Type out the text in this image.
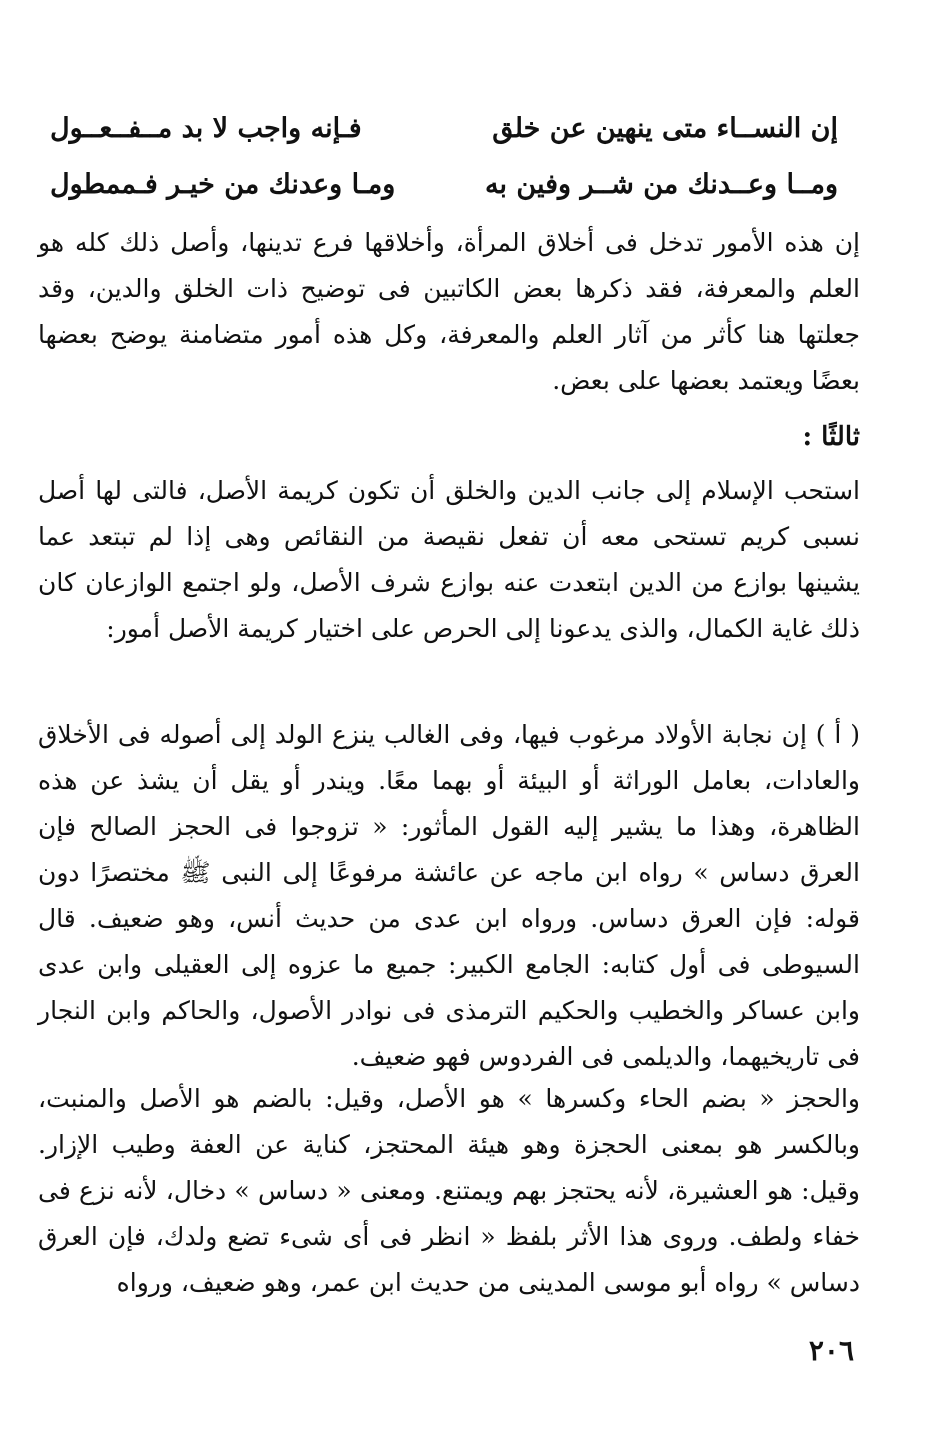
إن النســاء متى ينهين عن خلق
فـإنه واجب لا بد مــفــعــول
ومــا وعــدنك من شــر وفين به
ومـا وعدنك من خيـر فـممطول

إن هذه الأمور تدخل فى أخلاق المرأة، وأخلاقها فرع تدينها، وأصل ذلك كله هو العلم والمعرفة، فقد ذكرها بعض الكاتبين فى توضيح ذات الخلق والدين، وقد جعلتها هنا كأثر من آثار العلم والمعرفة، وكل هذه أمور متضامنة يوضح بعضها بعضًا ويعتمد بعضها على بعض.

ثالثًا :

استحب الإسلام إلى جانب الدين والخلق أن تكون كريمة الأصل، فالتى لها أصل نسبى كريم تستحى معه أن تفعل نقيصة من النقائص وهى إذا لم تبتعد عما يشينها بوازع من الدين ابتعدت عنه بوازع شرف الأصل، ولو اجتمع الوازعان كان ذلك غاية الكمال، والذى يدعونا إلى الحرص على اختيار كريمة الأصل أمور:

( أ ) إن نجابة الأولاد مرغوب فيها، وفى الغالب ينزع الولد إلى أصوله فى الأخلاق والعادات، بعامل الوراثة أو البيئة أو بهما معًا. ويندر أو يقل أن يشذ عن هذه الظاهرة، وهذا ما يشير إليه القول المأثور: « تزوجوا فى الحجز الصالح فإن العرق دساس » رواه ابن ماجه عن عائشة مرفوعًا إلى النبى ﷺ مختصرًا دون قوله: فإن العرق دساس. ورواه ابن عدى من حديث أنس، وهو ضعيف. قال السيوطى فى أول كتابه: الجامع الكبير: جميع ما عزوه إلى العقيلى وابن عدى وابن عساكر والخطيب والحكيم الترمذى فى نوادر الأصول، والحاكم وابن النجار فى تاريخيهما، والديلمى فى الفردوس فهو ضعيف.

والحجز « بضم الحاء وكسرها » هو الأصل، وقيل: بالضم هو الأصل والمنبت، وبالكسر هو بمعنى الحجزة وهو هيئة المحتجز، كناية عن العفة وطيب الإزار. وقيل: هو العشيرة، لأنه يحتجز بهم ويمتنع. ومعنى « دساس » دخال، لأنه نزع فى خفاء ولطف. وروى هذا الأثر بلفظ « انظر فى أى شىء تضع ولدك، فإن العرق دساس » رواه أبو موسى المدينى من حديث ابن عمر، وهو ضعيف، ورواه

٢٠٦
